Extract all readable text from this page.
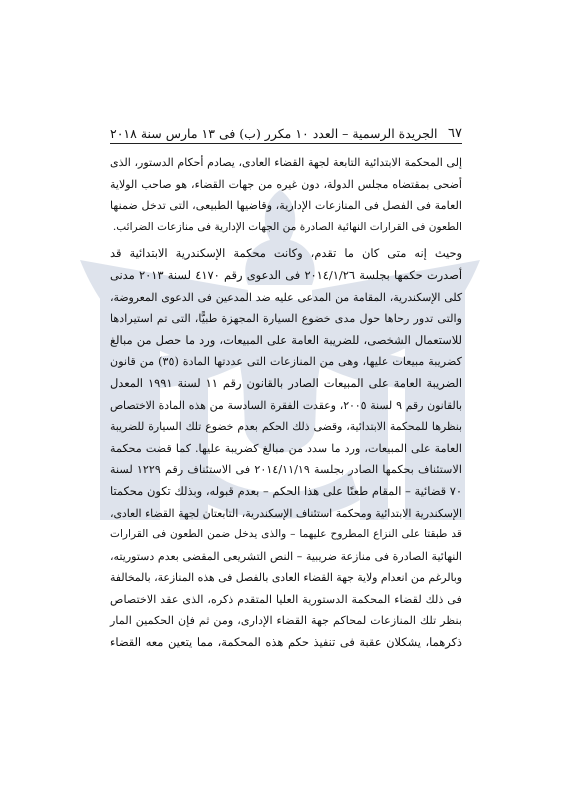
٦٧
الجريدة الرسمية – العدد ١٠ مكرر (ب) فى ١٣ مارس سنة ٢٠١٨
إلى المحكمة الابتدائية التابعة لجهة القضاء العادى، يصادم أحكام الدستور، الذى
أضحى بمقتضاه مجلس الدولة، دون غيره من جهات القضاء، هو صاحب الولاية
العامة فى الفصل فى المنازعات الإدارية، وقاضيها الطبيعى، التى تدخل ضمنها
الطعون فى القرارات النهائية الصادرة من الجهات الإدارية فى منازعات الضرائب.
وحيث إنه متى كان ما تقدم، وكانت محكمة الإسكندرية الابتدائية قد
أصدرت حكمها بجلسة ٢٠١٤/١/٢٦ فى الدعوى رقم ٤١٧٠ لسنة ٢٠١٣ مدنى
كلى الإسكندرية، المقامة من المدعى عليه ضد المدعين فى الدعوى المعروضة،
والتى تدور رحاها حول مدى خضوع السيارة المجهزة طبيًّا، التى تم استيرادها
للاستعمال الشخصى، للضريبة العامة على المبيعات، ورد ما حصل من مبالغ
كضريبة مبيعات عليها، وهى من المنازعات التى عددتها المادة (٣٥) من قانون
الضريبة العامة على المبيعات الصادر بالقانون رقم ١١ لسنة ١٩٩١ المعدل
بالقانون رقم ٩ لسنة ٢٠٠٥، وعقدت الفقرة السادسة من هذه المادة الاختصاص
بنظرها للمحكمة الابتدائية، وقضى ذلك الحكم بعدم خضوع تلك السيارة للضريبة
العامة على المبيعات، ورد ما سدد من مبالغ كضريبة عليها. كما قضت محكمة
الاستئناف بحكمها الصادر بجلسة ٢٠١٤/١١/١٩ فى الاستئناف رقم ١٢٢٩ لسنة
٧٠ قضائية – المقام طعنًا على هذا الحكم – بعدم قبوله، وبذلك تكون محكمتا
الإسكندرية الابتدائية ومحكمة استئناف الإسكندرية، التابعتان لجهة القضاء العادى،
قد طبقتا على النزاع المطروح عليهما – والذى يدخل ضمن الطعون فى القرارات
النهائية الصادرة فى منازعة ضريبية – النص التشريعى المقضى بعدم دستوريته،
وبالرغم من انعدام ولاية جهة القضاء العادى بالفصل فى هذه المنازعة، بالمخالفة
فى ذلك لقضاء المحكمة الدستورية العليا المتقدم ذكره، الذى عقد الاختصاص
بنظر تلك المنازعات لمحاكم جهة القضاء الإدارى، ومن ثم فإن الحكمين المار
ذكرهما، يشكلان عقبة فى تنفيذ حكم هذه المحكمة، مما يتعين معه القضاء
